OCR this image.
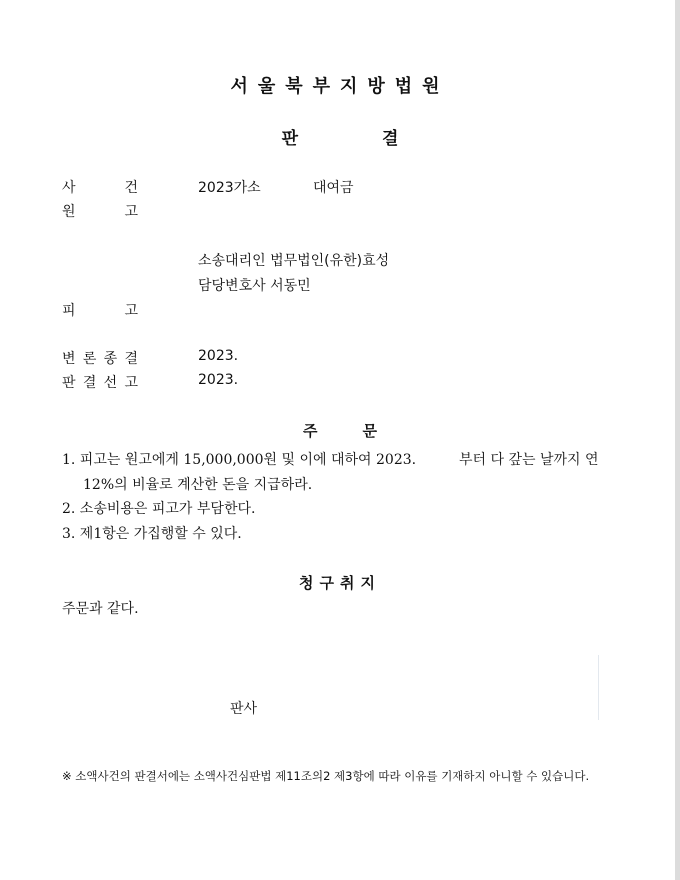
서울북부지방법원
판	결
사	건	2023가소	대여금
원	고
소송대리인 법무법인(유한)효성
담당변호사 서동민
피	고
변 론 종 결	2023.
판 결 선 고	2023.
주   문
1. 피고는 원고에게 15,000,000원 및 이에 대하여 2023.	부터 다 갚는 날까지 연
12%의 비율로 계산한 돈을 지급하라.
2. 소송비용은 피고가 부담한다.
3. 제1항은 가집행할 수 있다.
청구취지
주문과 같다.
판사
※ 소액사건의 판결서에는 소액사건심판법 제11조의2 제3항에 따라 이유를 기재하지 아니할 수 있습니다.
